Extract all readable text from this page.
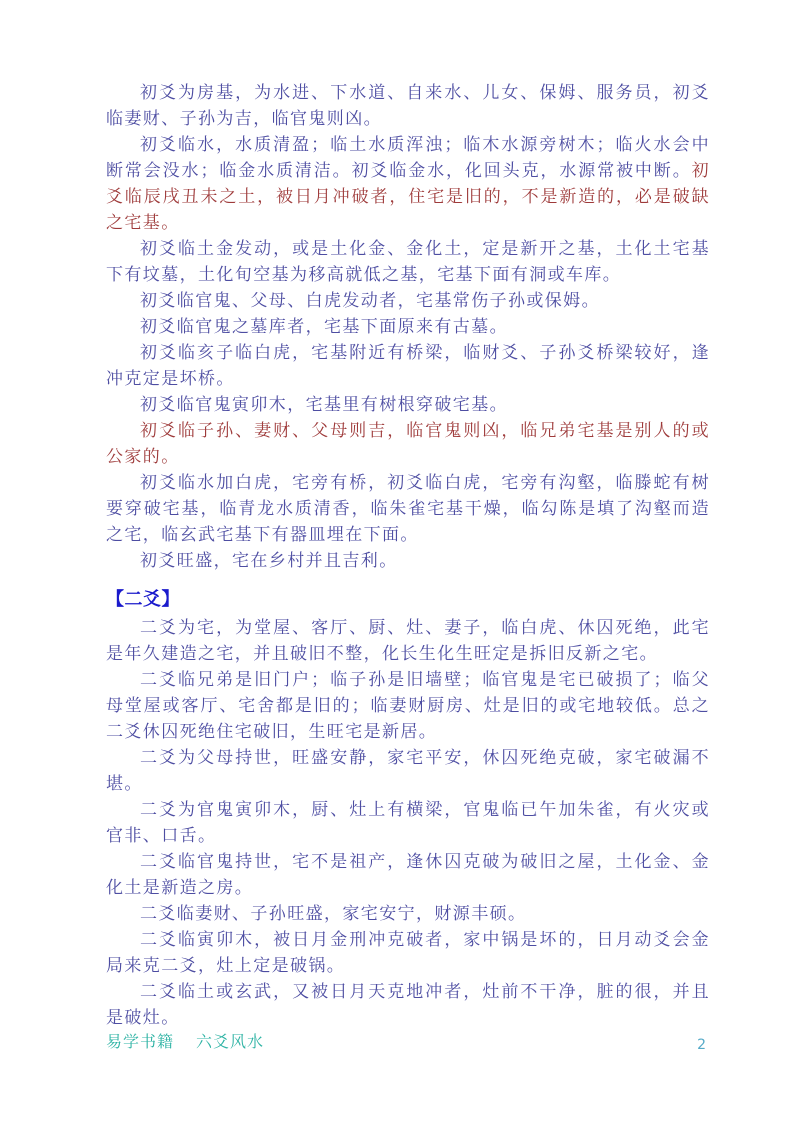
初爻为房基，为水进、下水道、自来水、儿女、保姆、服务员，初爻临妻财、子孙为吉，临官鬼则凶。
初爻临水，水质清盈；临土水质浑浊；临木水源旁树木；临火水会中断常会没水；临金水质清洁。初爻临金水，化回头克，水源常被中断。初爻临辰戌丑未之土，被日月冲破者，住宅是旧的，不是新造的，必是破缺之宅基。
初爻临土金发动，或是土化金、金化土，定是新开之基，土化土宅基下有坟墓，土化旬空基为移高就低之基，宅基下面有洞或车库。
初爻临官鬼、父母、白虎发动者，宅基常伤子孙或保姆。
初爻临官鬼之墓库者，宅基下面原来有古墓。
初爻临亥子临白虎，宅基附近有桥梁，临财爻、子孙爻桥梁较好，逢冲克定是坏桥。
初爻临官鬼寅卯木，宅基里有树根穿破宅基。
初爻临子孙、妻财、父母则吉，临官鬼则凶，临兄弟宅基是别人的或公家的。
初爻临水加白虎，宅旁有桥，初爻临白虎，宅旁有沟壑，临滕蛇有树要穿破宅基，临青龙水质清香，临朱雀宅基干燥，临勾陈是填了沟壑而造之宅，临玄武宅基下有器皿埋在下面。
初爻旺盛，宅在乡村并且吉利。
【二爻】
二爻为宅，为堂屋、客厅、厨、灶、妻子，临白虎、休囚死绝，此宅是年久建造之宅，并且破旧不整，化长生化生旺定是拆旧反新之宅。
二爻临兄弟是旧门户；临子孙是旧墙壁；临官鬼是宅已破损了；临父母堂屋或客厅、宅舍都是旧的；临妻财厨房、灶是旧的或宅地较低。总之二爻休囚死绝住宅破旧，生旺宅是新居。
二爻为父母持世，旺盛安静，家宅平安，休囚死绝克破，家宅破漏不堪。
二爻为官鬼寅卯木，厨、灶上有横梁，官鬼临已午加朱雀，有火灾或官非、口舌。
二爻临官鬼持世，宅不是祖产，逢休囚克破为破旧之屋，土化金、金化土是新造之房。
二爻临妻财、子孙旺盛，家宅安宁，财源丰硕。
二爻临寅卯木，被日月金刑冲克破者，家中锅是坏的，日月动爻会金局来克二爻，灶上定是破锅。
二爻临土或玄武，又被日月天克地冲者，灶前不干净，脏的很，并且是破灶。
易学书籍 六爻风水	2
